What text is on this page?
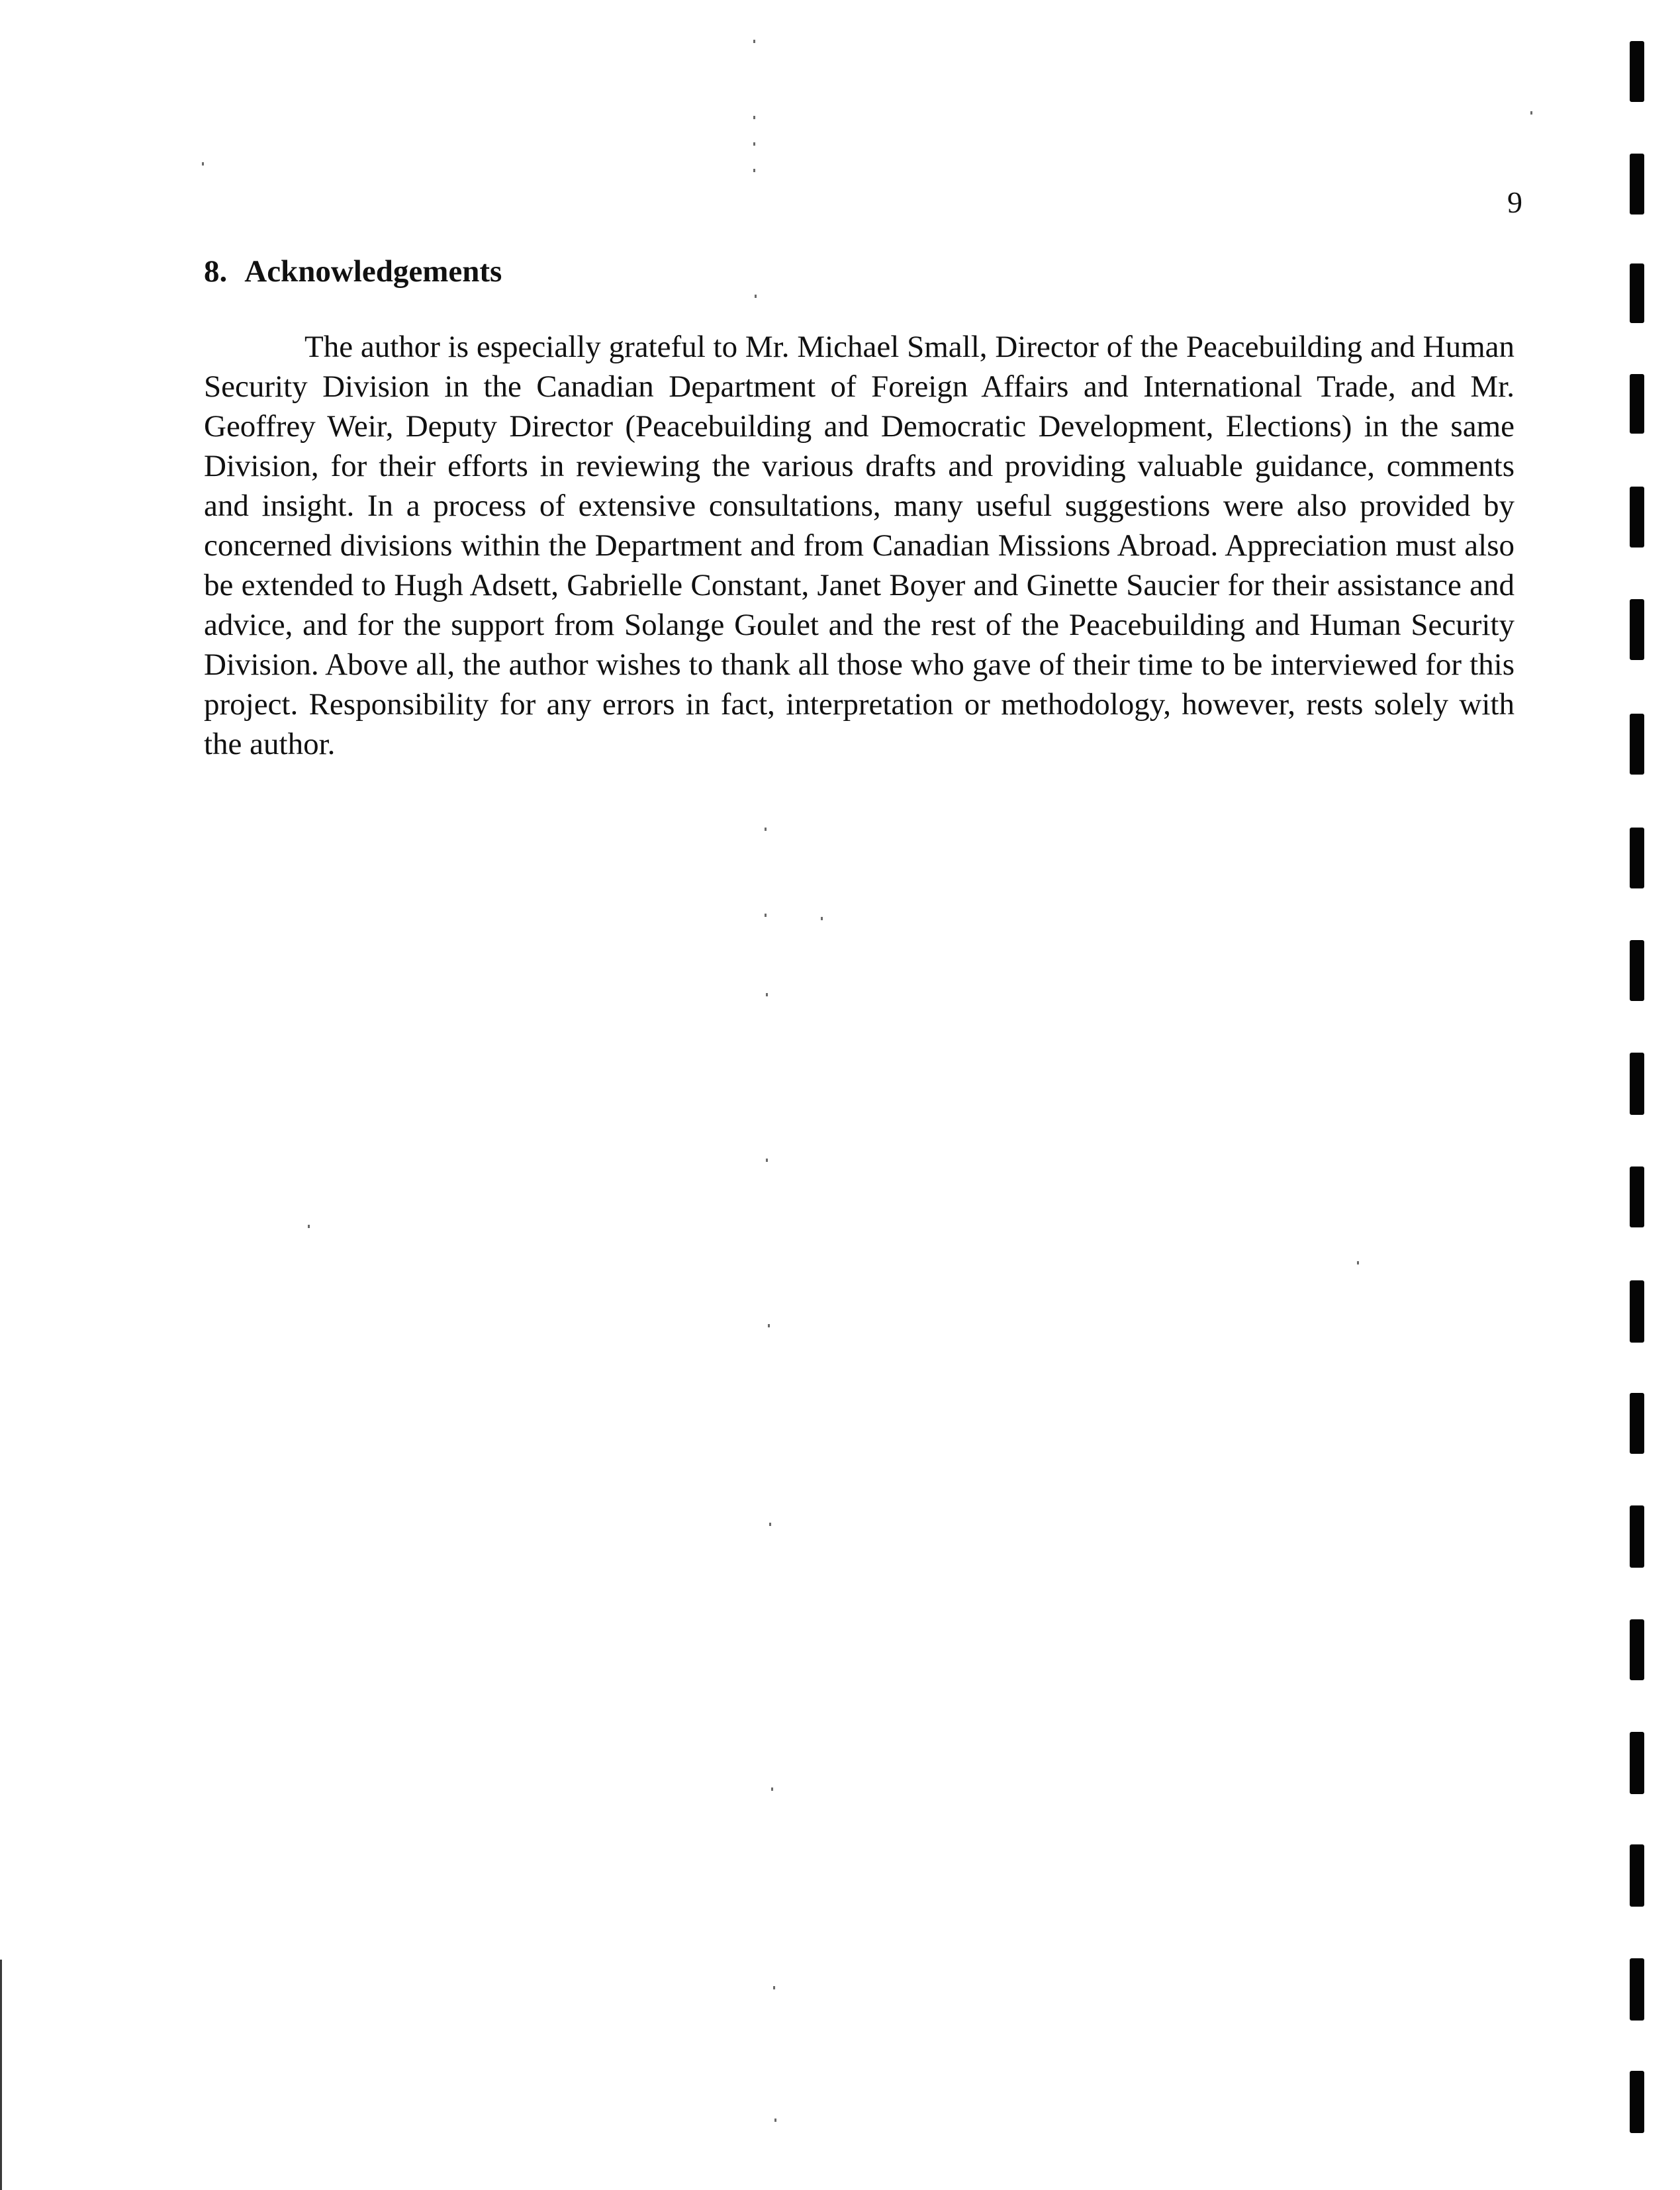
9
8. Acknowledgements

The author is especially grateful to Mr. Michael Small, Director of the Peacebuilding and Human Security Division in the Canadian Department of Foreign Affairs and International Trade, and Mr. Geoffrey Weir, Deputy Director (Peacebuilding and Democratic Development, Elections) in the same Division, for their efforts in reviewing the various drafts and providing valuable guidance, comments and insight. In a process of extensive consultations, many useful suggestions were also provided by concerned divisions within the Department and from Canadian Missions Abroad. Appreciation must also be extended to Hugh Adsett, Gabrielle Constant, Janet Boyer and Ginette Saucier for their assistance and advice, and for the support from Solange Goulet and the rest of the Peacebuilding and Human Security Division. Above all, the author wishes to thank all those who gave of their time to be interviewed for this project. Responsibility for any errors in fact, interpretation or methodology, however, rests solely with the author.
